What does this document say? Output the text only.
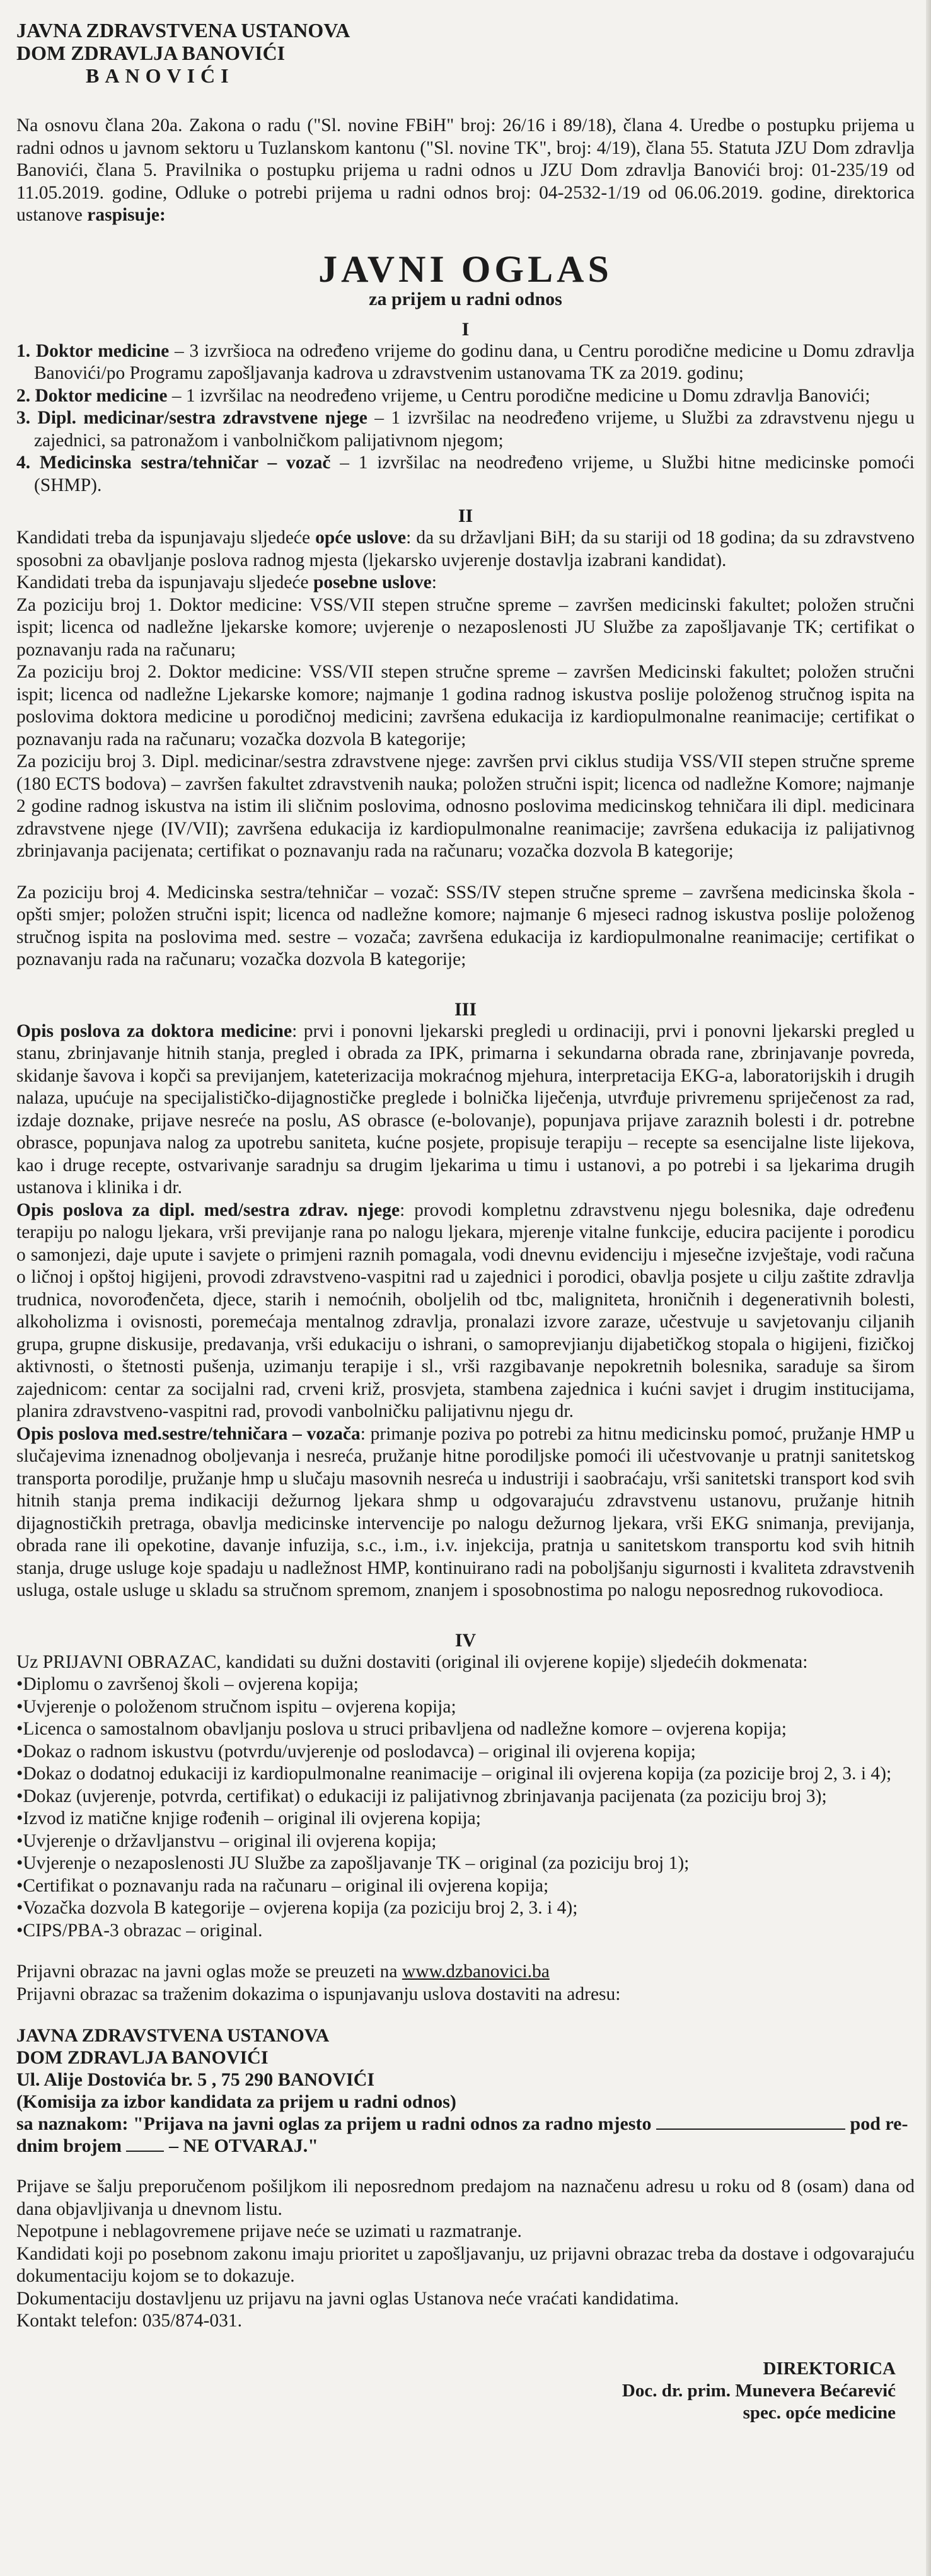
JAVNA ZDRAVSTVENA USTANOVA
DOM ZDRAVLJA BANOVIĆI
BANOVIĆI

Na osnovu člana 20a. Zakona o radu ("Sl. novine FBiH" broj: 26/16 i 89/18), člana 4. Uredbe o postupku prijema u radni odnos u javnom sektoru u Tuzlanskom kantonu ("Sl. novine TK", broj: 4/19), člana 55. Statuta JZU Dom zdravlja Banovići, člana 5. Pravilnika o postupku prijema u radni odnos u JZU Dom zdravlja Banovići broj: 01-235/19 od 11.05.2019. godine, Odluke o potrebi prijema u radni odnos broj: 04-2532-1/19 od 06.06.2019. godine, direktorica ustanove raspisuje:

JAVNI OGLAS
za prijem u radni odnos
I
1. Doktor medicine – 3 izvršioca na određeno vrijeme do godinu dana, u Centru porodične medicine u Domu zdravlja Banovići/po Programu zapošljavanja kadrova u zdravstvenim ustanovama TK za 2019. godinu;
2. Doktor medicine – 1 izvršilac na neodređeno vrijeme, u Centru porodične medicine u Domu zdravlja Banovići;
3. Dipl. medicinar/sestra zdravstvene njege – 1 izvršilac na neodređeno vrijeme, u Službi za zdravstvenu njegu u zajednici, sa patronažom i vanbolničkom palijativnom njegom;
4. Medicinska sestra/tehničar – vozač – 1 izvršilac na neodređeno vrijeme, u Službi hitne medicinske pomoći (SHMP).
II

Kandidati treba da ispunjavaju sljedeće opće uslove: da su državljani BiH; da su stariji od 18 godina; da su zdravstveno sposobni za obavljanje poslova radnog mjesta (ljekarsko uvjerenje dostavlja izabrani kandidat).

Kandidati treba da ispunjavaju sljedeće posebne uslove:

Za poziciju broj 1. Doktor medicine: VSS/VII stepen stručne spreme – završen medicinski fakultet; položen stručni ispit; licenca od nadležne ljekarske komore; uvjerenje o nezaposlenosti JU Službe za zapošljavanje TK; certifikat o poznavanju rada na računaru;

Za poziciju broj 2. Doktor medicine: VSS/VII stepen stručne spreme – završen Medicinski fakultet; položen stručni ispit; licenca od nadležne Ljekarske komore; najmanje 1 godina radnog iskustva poslije položenog stručnog ispita na poslovima doktora medicine u porodičnoj medicini; završena edukacija iz kardiopulmonalne reanimacije; certifikat o poznavanju rada na računaru; vozačka dozvola B kategorije;

Za poziciju broj 3. Dipl. medicinar/sestra zdravstvene njege: završen prvi ciklus studija VSS/VII stepen stručne spreme (180 ECTS bodova) – završen fakultet zdravstvenih nauka; položen stručni ispit; licenca od nadležne Komore; najmanje 2 godine radnog iskustva na istim ili sličnim poslovima, odnosno poslovima medicinskog tehničara ili dipl. medicinara zdravstvene njege (IV/VII); završena edukacija iz kardiopulmonalne reanimacije; završena edukacija iz palijativnog zbrinjavanja pacijenata; certifikat o poznavanju rada na računaru; vozačka dozvola B kategorije;

Za poziciju broj 4. Medicinska sestra/tehničar – vozač: SSS/IV stepen stručne spreme – završena medicinska škola - opšti smjer; položen stručni ispit; licenca od nadležne komore; najmanje 6 mjeseci radnog iskustva poslije položenog stručnog ispita na poslovima med. sestre – vozača; završena edukacija iz kardiopulmonalne reanimacije; certifikat o poznavanju rada na računaru; vozačka dozvola B kategorije;

III

Opis poslova za doktora medicine: prvi i ponovni ljekarski pregledi u ordinaciji, prvi i ponovni ljekarski pregled u stanu, zbrinjavanje hitnih stanja, pregled i obrada za IPK, primarna i sekundarna obrada rane, zbrinjavanje povreda, skidanje šavova i kopči sa previjanjem, kateterizacija mokraćnog mjehura, interpretacija EKG-a, laboratorijskih i drugih nalaza, upućuje na specijalističko-dijagnostičke preglede i bolnička liječenja, utvrđuje privremenu spriječenost za rad, izdaje doznake, prijave nesreće na poslu, AS obrasce (e-bolovanje), popunjava prijave zaraznih bolesti i dr. potrebne obrasce, popunjava nalog za upotrebu saniteta, kućne posjete, propisuje terapiju – recepte sa esencijalne liste lijekova, kao i druge recepte, ostvarivanje saradnju sa drugim ljekarima u timu i ustanovi, a po potrebi i sa ljekarima drugih ustanova i klinika i dr.

Opis poslova za dipl. med/sestra zdrav. njege: provodi kompletnu zdravstvenu njegu bolesnika, daje određenu terapiju po nalogu ljekara, vrši previjanje rana po nalogu ljekara, mjerenje vitalne funkcije, educira pacijente i porodicu o samonjezi, daje upute i savjete o primjeni raznih pomagala, vodi dnevnu evidenciju i mjesečne izvještaje, vodi računa o ličnoj i opštoj higijeni, provodi zdravstveno-vaspitni rad u zajednici i porodici, obavlja posjete u cilju zaštite zdravlja trudnica, novorođenčeta, djece, starih i nemoćnih, oboljelih od tbc, maligniteta, hroničnih i degenerativnih bolesti, alkoholizma i ovisnosti, poremećaja mentalnog zdravlja, pronalazi izvore zaraze, učestvuje u savjetovanju ciljanih grupa, grupne diskusije, predavanja, vrši edukaciju o ishrani, o samoprevjianju dijabetičkog stopala o higijeni, fizičkoj aktivnosti, o štetnosti pušenja, uzimanju terapije i sl., vrši razgibavanje nepokretnih bolesnika, saraduje sa širom zajednicom: centar za socijalni rad, crveni križ, prosvjeta, stambena zajednica i kućni savjet i drugim institucijama, planira zdravstveno-vaspitni rad, provodi vanbolničku palijativnu njegu dr.

Opis poslova med.sestre/tehničara – vozača: primanje poziva po potrebi za hitnu medicinsku pomoć, pružanje HMP u slučajevima iznenadnog oboljevanja i nesreća, pružanje hitne porodiljske pomoći ili učestvovanje u pratnji sanitetskog transporta porodilje, pružanje hmp u slučaju masovnih nesreća u industriji i saobraćaju, vrši sanitetski transport kod svih hitnih stanja prema indikaciji dežurnog ljekara shmp u odgovarajuću zdravstvenu ustanovu, pružanje hitnih dijagnostičkih pretraga, obavlja medicinske intervencije po nalogu dežurnog ljekara, vrši EKG snimanja, previjanja, obrada rane ili opekotine, davanje infuzija, s.c., i.m., i.v. injekcija, pratnja u sanitetskom transportu kod svih hitnih stanja, druge usluge koje spadaju u nadležnost HMP, kontinuirano radi na poboljšanju sigurnosti i kvaliteta zdravstvenih usluga, ostale usluge u skladu sa stručnom spremom, znanjem i sposobnostima po nalogu neposrednog rukovodioca.

IV

Uz PRIJAVNI OBRAZAC, kandidati su dužni dostaviti (original ili ovjerene kopije) sljedećih dokmenata:

• Diplomu o završenoj školi – ovjerena kopija;
• Uvjerenje o položenom stručnom ispitu – ovjerena kopija;
• Licenca o samostalnom obavljanju poslova u struci pribavljena od nadležne komore – ovjerena kopija;
• Dokaz o radnom iskustvu (potvrdu/uvjerenje od poslodavca) – original ili ovjerena kopija;
• Dokaz o dodatnoj edukaciji iz kardiopulmonalne reanimacije – original ili ovjerena kopija (za pozicije broj 2, 3. i 4);
• Dokaz (uvjerenje, potvrda, certifikat) o edukaciji iz palijativnog zbrinjavanja pacijenata (za poziciju broj 3);
• Izvod iz matične knjige rođenih – original ili ovjerena kopija;
• Uvjerenje o državljanstvu – original ili ovjerena kopija;
• Uvjerenje o nezaposlenosti JU Službe za zapošljavanje TK – original (za poziciju broj 1);
• Certifikat o poznavanju rada na računaru – original ili ovjerena kopija;
• Vozačka dozvola B kategorije – ovjerena kopija (za poziciju broj 2, 3. i 4);
• CIPS/PBA-3 obrazac – original.

Prijavni obrazac na javni oglas može se preuzeti na www.dzbanovici.ba

Prijavni obrazac sa traženim dokazima o ispunjavanju uslova dostaviti na adresu:

JAVNA ZDRAVSTVENA USTANOVA
DOM ZDRAVLJA BANOVIĆI
Ul. Alije Dostovića br. 5 , 75 290 BANOVIĆI
(Komisija za izbor kandidata za prijem u radni odnos)
sa naznakom: "Prijava na javni oglas za prijem u radni odnos za radno mjesto	pod re-
dnim brojem	– NE OTVARAJ."

Prijave se šalju preporučenom pošiljkom ili neposrednom predajom na naznačenu adresu u roku od 8 (osam) dana od dana objavljivanja u dnevnom listu.

Nepotpune i neblagovremene prijave neće se uzimati u razmatranje.

Kandidati koji po posebnom zakonu imaju prioritet u zapošljavanju, uz prijavni obrazac treba da dostave i odgovarajuću dokumentaciju kojom se to dokazuje.

Dokumentaciju dostavljenu uz prijavu na javni oglas Ustanova neće vraćati kandidatima.

Kontakt telefon: 035/874-031.

DIREKTORICA
Doc. dr. prim. Munevera Bećarević
spec. opće medicine
